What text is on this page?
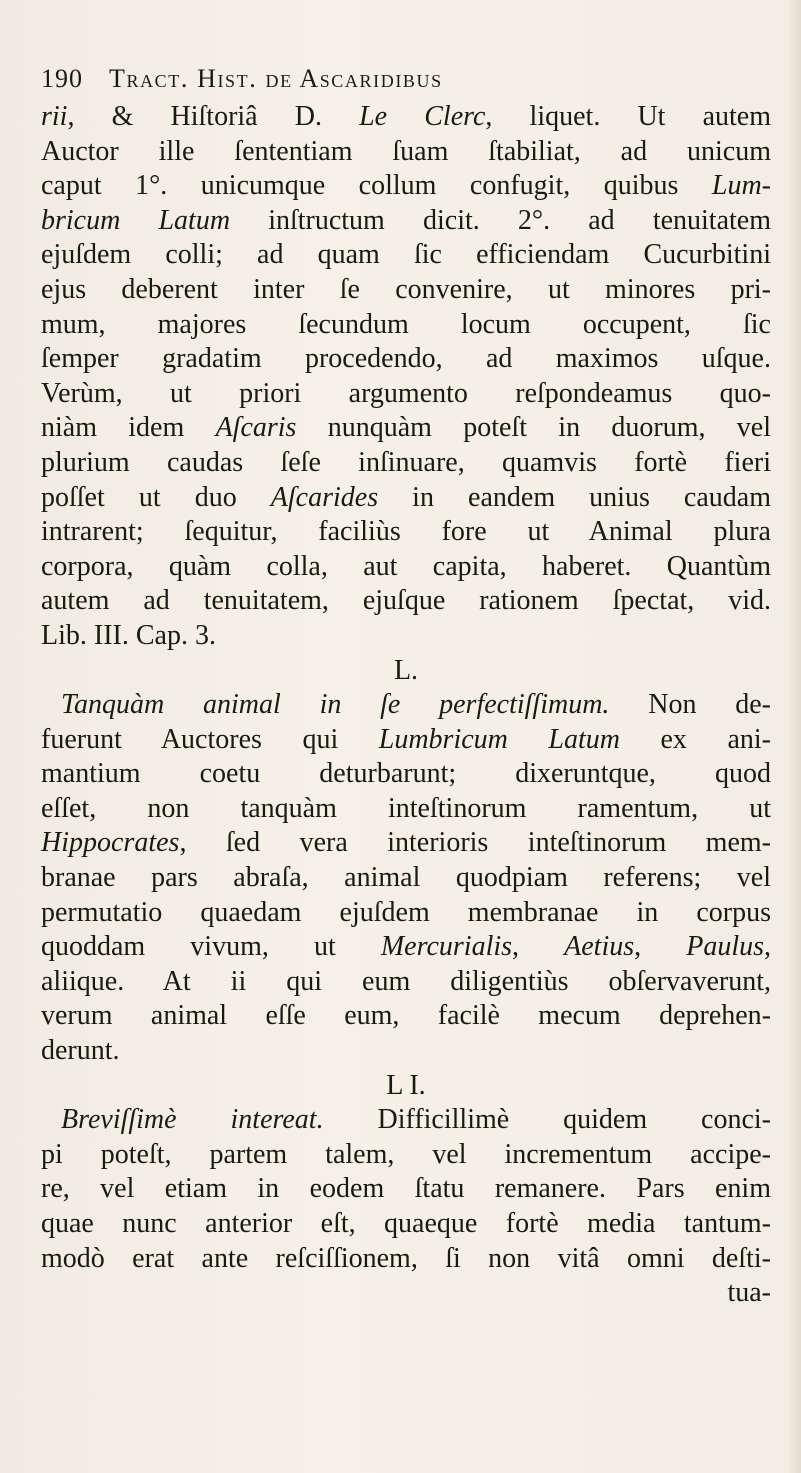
190 Tract. Hist. de Ascaridibus
rii, & Hiſtoriâ D. Le Clerc, liquet. Ut autem
Auctor ille ſententiam ſuam ſtabiliat, ad unicum
caput 1°. unicumque collum confugit, quibus Lum-
bricum Latum inſtructum dicit. 2°. ad tenuitatem
ejuſdem colli; ad quam ſic efficiendam Cucurbitini
ejus deberent inter ſe convenire, ut minores pri-
mum, majores ſecundum locum occupent, ſic
ſemper gradatim procedendo, ad maximos uſque.
Verùm, ut priori argumento reſpondeamus quo-
niàm idem Aſcaris nunquàm poteſt in duorum, vel
plurium caudas ſeſe inſinuare, quamvis fortè fieri
poſſet ut duo Aſcarides in eandem unius caudam
intrarent; ſequitur, faciliùs fore ut Animal plura
corpora, quàm colla, aut capita, haberet. Quantùm
autem ad tenuitatem, ejuſque rationem ſpectat, vid.
Lib. III. Cap. 3.
L.
Tanquàm animal in ſe perfectiſſimum. Non de-
fuerunt Auctores qui Lumbricum Latum ex ani-
mantium coetu deturbarunt; dixeruntque, quod
eſſet, non tanquàm inteſtinorum ramentum, ut
Hippocrates, ſed vera interioris inteſtinorum mem-
branae pars abraſa, animal quodpiam referens; vel
permutatio quaedam ejuſdem membranae in corpus
quoddam vivum, ut Mercurialis, Aetius, Paulus,
aliique. At ii qui eum diligentiùs obſervaverunt,
verum animal eſſe eum, facilè mecum deprehen-
derunt.
L I.
Breviſſimè intereat. Difficillimè quidem conci-
pi poteſt, partem talem, vel incrementum accipe-
re, vel etiam in eodem ſtatu remanere. Pars enim
quae nunc anterior eſt, quaeque fortè media tantum-
modò erat ante reſciſſionem, ſi non vitâ omni deſti-
tua-
